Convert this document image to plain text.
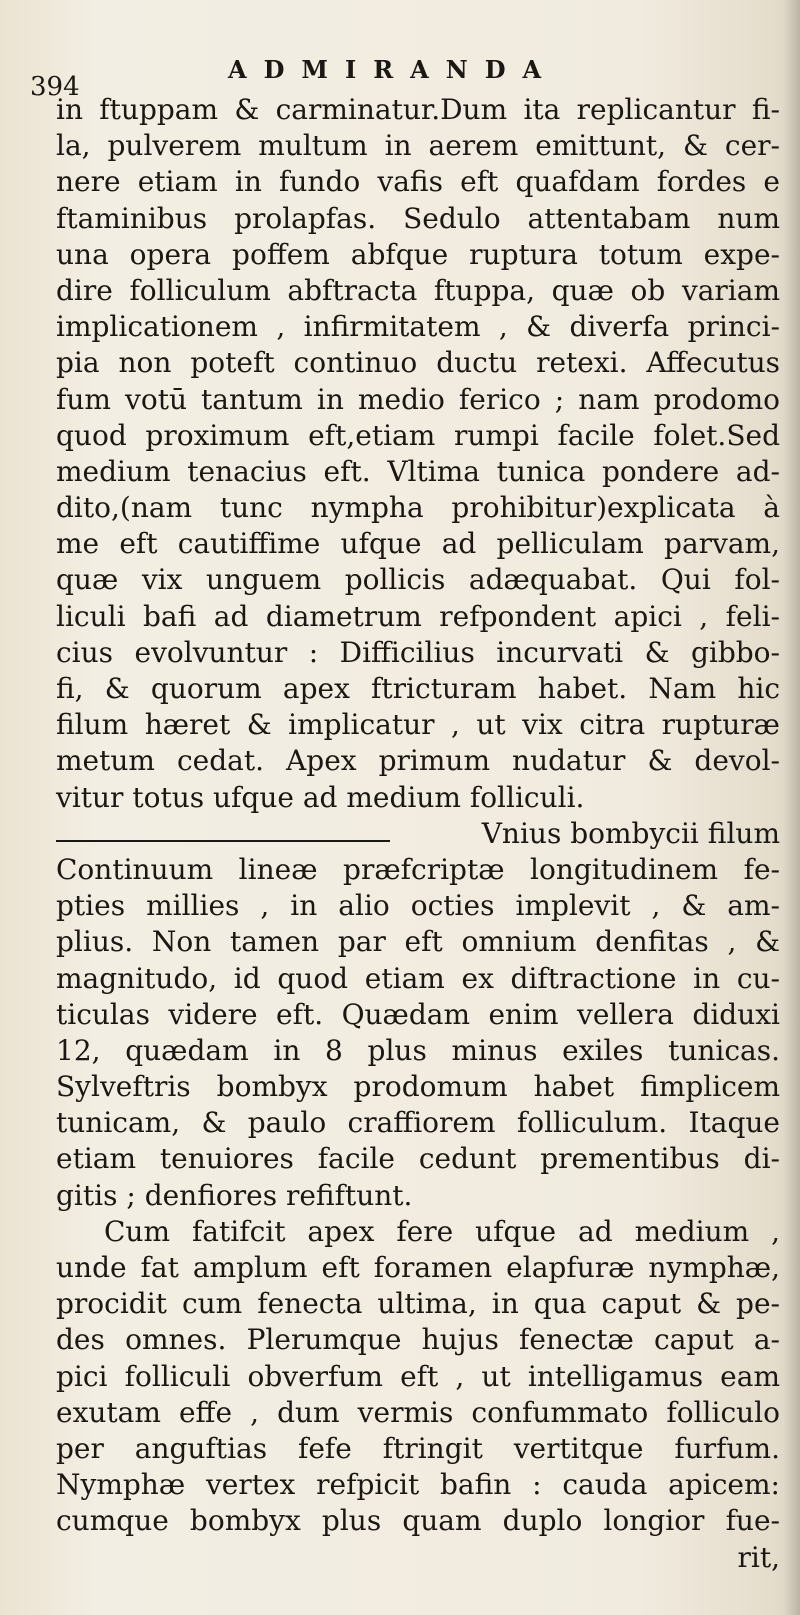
394
ADMIRANDA
in ftuppam & carminatur.Dum ita replicantur fi-
la, pulverem multum in aerem emittunt, & cer-
nere etiam in fundo vafis eft quafdam fordes e
ftaminibus prolapfas. Sedulo attentabam num
una opera poffem abfque ruptura totum expe-
dire folliculum abftracta ftuppa, quæ ob variam
implicationem , infirmitatem , & diverfa princi-
pia non poteft continuo ductu retexi. Affecutus
fum votū tantum in medio ferico ; nam prodomo
quod proximum eft,etiam rumpi facile folet.Sed
medium tenacius eft. Vltima tunica pondere ad-
dito,(nam tunc nympha prohibitur)explicata à
me eft cautiffime ufque ad pelliculam parvam,
quæ vix unguem pollicis adæquabat. Qui fol-
liculi bafi ad diametrum refpondent apici , feli-
cius evolvuntur : Difficilius incurvati & gibbo-
fi, & quorum apex ftricturam habet. Nam hic
filum hæret & implicatur , ut vix citra rupturæ
metum cedat. Apex primum nudatur & devol-
vitur totus ufque ad medium folliculi.
Vnius bombycii filum
Continuum lineæ præfcriptæ longitudinem fe-
pties millies , in alio octies implevit , & am-
plius. Non tamen par eft omnium denfitas , &
magnitudo, id quod etiam ex diftractione in cu-
ticulas videre eft. Quædam enim vellera diduxi
12, quædam in 8 plus minus exiles tunicas.
Sylveftris bombyx prodomum habet fimplicem
tunicam, & paulo craffiorem folliculum. Itaque
etiam tenuiores facile cedunt prementibus di-
gitis ; denfiores refiftunt.
Cum fatifcit apex fere ufque ad medium ,
unde fat amplum eft foramen elapfuræ nymphæ,
procidit cum fenecta ultima, in qua caput & pe-
des omnes. Plerumque hujus fenectæ caput a-
pici folliculi obverfum eft , ut intelligamus eam
exutam effe , dum vermis confummato folliculo
per anguftias fefe ftringit vertitque furfum.
Nymphæ vertex refpicit bafin : cauda apicem:
cumque bombyx plus quam duplo longior fue-
rit,
